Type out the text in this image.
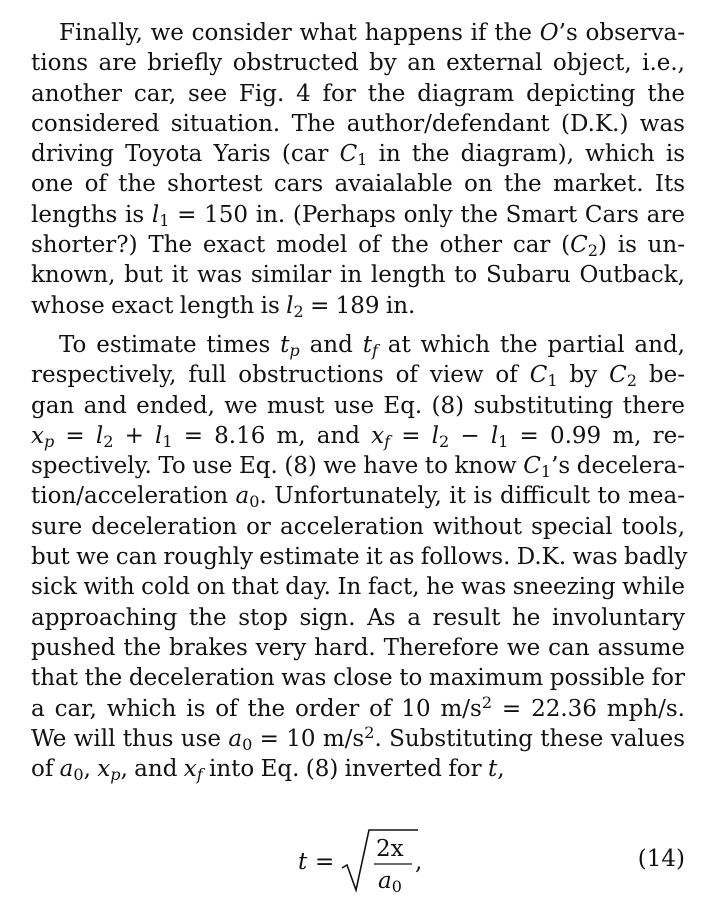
Finally, we consider what happens if the O’s observa-
tions are briefly obstructed by an external object, i.e.,
another car, see Fig. 4 for the diagram depicting the
considered situation. The author/defendant (D.K.) was
driving Toyota Yaris (car $C_1$ in the diagram), which is
one of the shortest cars avaialable on the market. Its
lengths is $l_1 = 150$ in. (Perhaps only the Smart Cars are
shorter?) The exact model of the other car $(C_2)$ is un-
known, but it was similar in length to Subaru Outback,
whose exact length is $l_2 = 189$ in.
To estimate times $t_p$ and $t_f$ at which the partial and,
respectively, full obstructions of view of $C_1$ by $C_2$ be-
gan and ended, we must use Eq. (8) substituting there
$x_p = l_2 + l_1 = 8.16$ m, and $x_f = l_2 - l_1 = 0.99$ m, re-
spectively. To use Eq. (8) we have to know $C_1’s$ decelera-
tion/acceleration $a_0$. Unfortunately, it is difficult to mea-
sure deceleration or acceleration without special tools,
but we can roughly estimate it as follows. D.K. was badly
sick with cold on that day. In fact, he was sneezing while
approaching the stop sign. As a result he involuntary
pushed the brakes very hard. Therefore we can assume
that the deceleration was close to maximum possible for
a car, which is of the order of 10 $m/s^2 = 22.36$ mph/s.
We will thus use $a_0 = 10$ $m/s^2$. Substituting these values
of $a_0$, $x_p$, and $x_f$ into Eq. (8) inverted for t,
t = 2x
a0
,	(14)
